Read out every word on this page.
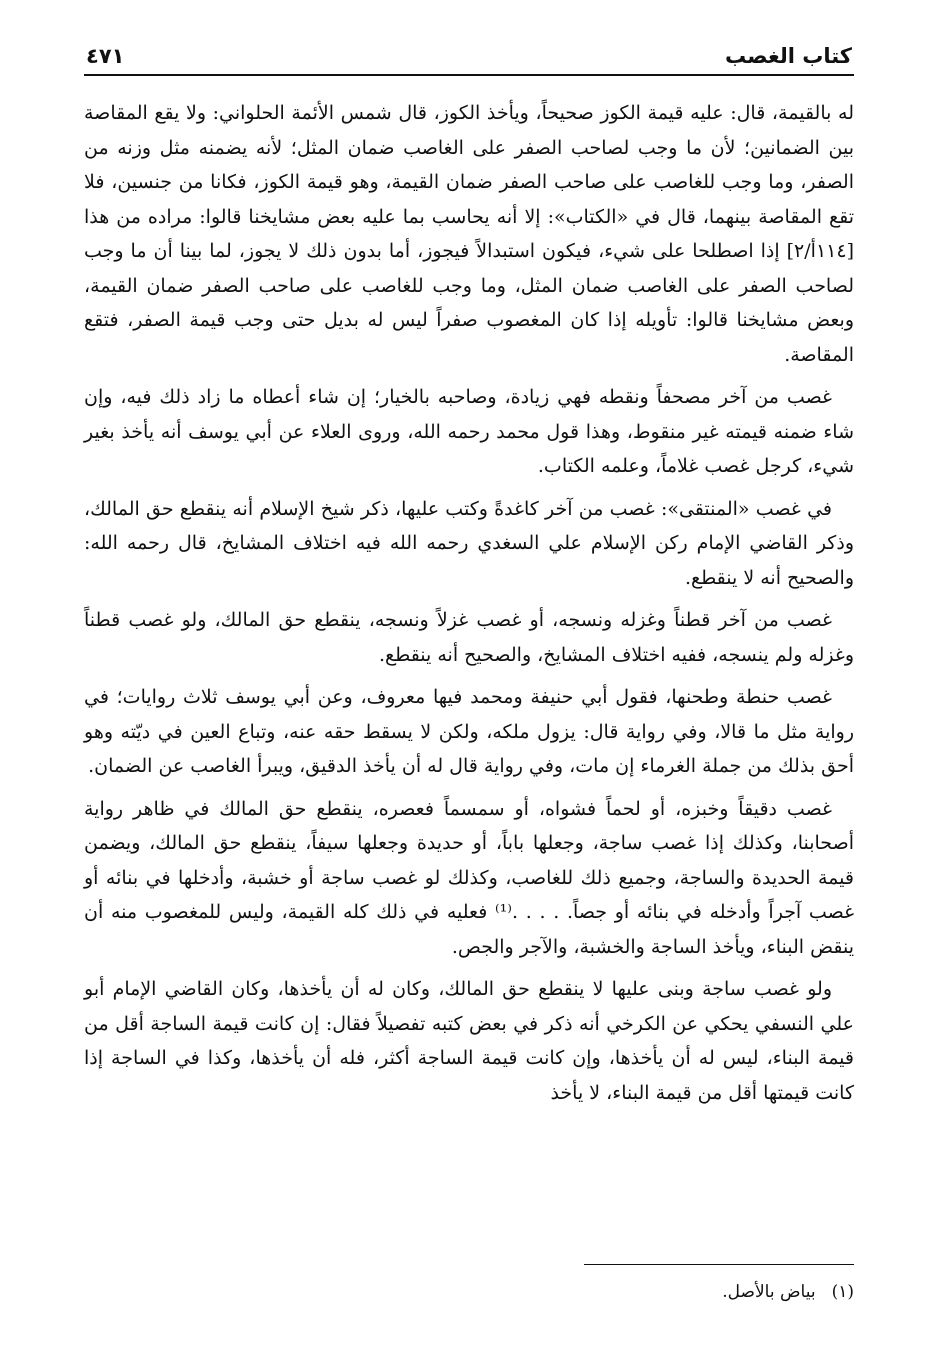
كتاب الغصب
٤٧١

له بالقيمة، قال: عليه قيمة الكوز صحيحاً، ويأخذ الكوز، قال شمس الأئمة الحلواني: ولا يقع المقاصة بين الضمانين؛ لأن ما وجب لصاحب الصفر على الغاصب ضمان المثل؛ لأنه يضمنه مثل وزنه من الصفر، وما وجب للغاصب على صاحب الصفر ضمان القيمة، وهو قيمة الكوز، فكانا من جنسين، فلا تقع المقاصة بينهما، قال في «الكتاب»: إلا أنه يحاسب بما عليه بعض مشايخنا قالوا: مراده من هذا [١١٤أ/٢] إذا اصطلحا على شيء، فيكون استبدالاً فيجوز، أما بدون ذلك لا يجوز، لما بينا أن ما وجب لصاحب الصفر على الغاصب ضمان المثل، وما وجب للغاصب على صاحب الصفر ضمان القيمة، وبعض مشايخنا قالوا: تأويله إذا كان المغصوب صفراً ليس له بديل حتى وجب قيمة الصفر، فتقع المقاصة.

غصب من آخر مصحفاً ونقطه فهي زيادة، وصاحبه بالخيار؛ إن شاء أعطاه ما زاد ذلك فيه، وإن شاء ضمنه قيمته غير منقوط، وهذا قول محمد رحمه الله، وروى العلاء عن أبي يوسف أنه يأخذ بغير شيء، كرجل غصب غلاماً، وعلمه الكتاب.

في غصب «المنتقى»: غصب من آخر كاغدةً وكتب عليها، ذكر شيخ الإسلام أنه ينقطع حق المالك، وذكر القاضي الإمام ركن الإسلام علي السغدي رحمه الله فيه اختلاف المشايخ، قال رحمه الله: والصحيح أنه لا ينقطع.

غصب من آخر قطناً وغزله ونسجه، أو غصب غزلاً ونسجه، ينقطع حق المالك، ولو غصب قطناً وغزله ولم ينسجه، ففيه اختلاف المشايخ، والصحيح أنه ينقطع.

غصب حنطة وطحنها، فقول أبي حنيفة ومحمد فيها معروف، وعن أبي يوسف ثلاث روايات؛ في رواية مثل ما قالا، وفي رواية قال: يزول ملكه، ولكن لا يسقط حقه عنه، وتباع العين في ديّته وهو أحق بذلك من جملة الغرماء إن مات، وفي رواية قال له أن يأخذ الدقيق، ويبرأ الغاصب عن الضمان.

غصب دقيقاً وخبزه، أو لحماً فشواه، أو سمسماً فعصره، ينقطع حق المالك في ظاهر رواية أصحابنا، وكذلك إذا غصب ساجة، وجعلها باباً، أو حديدة وجعلها سيفاً، ينقطع حق المالك، ويضمن قيمة الحديدة والساجة، وجميع ذلك للغاصب، وكذلك لو غصب ساجة أو خشبة، وأدخلها في بنائه أو غصب آجراً وأدخله في بنائه أو جصاً. . . . .⁽¹⁾ فعليه في ذلك كله القيمة، وليس للمغصوب منه أن ينقض البناء، ويأخذ الساجة والخشبة، والآجر والجص.

ولو غصب ساجة وبنى عليها لا ينقطع حق المالك، وكان له أن يأخذها، وكان القاضي الإمام أبو علي النسفي يحكي عن الكرخي أنه ذكر في بعض كتبه تفصيلاً فقال: إن كانت قيمة الساجة أقل من قيمة البناء، ليس له أن يأخذها، وإن كانت قيمة الساجة أكثر، فله أن يأخذها، وكذا في الساجة إذا كانت قيمتها أقل من قيمة البناء، لا يأخذ

(١)بياض بالأصل.
